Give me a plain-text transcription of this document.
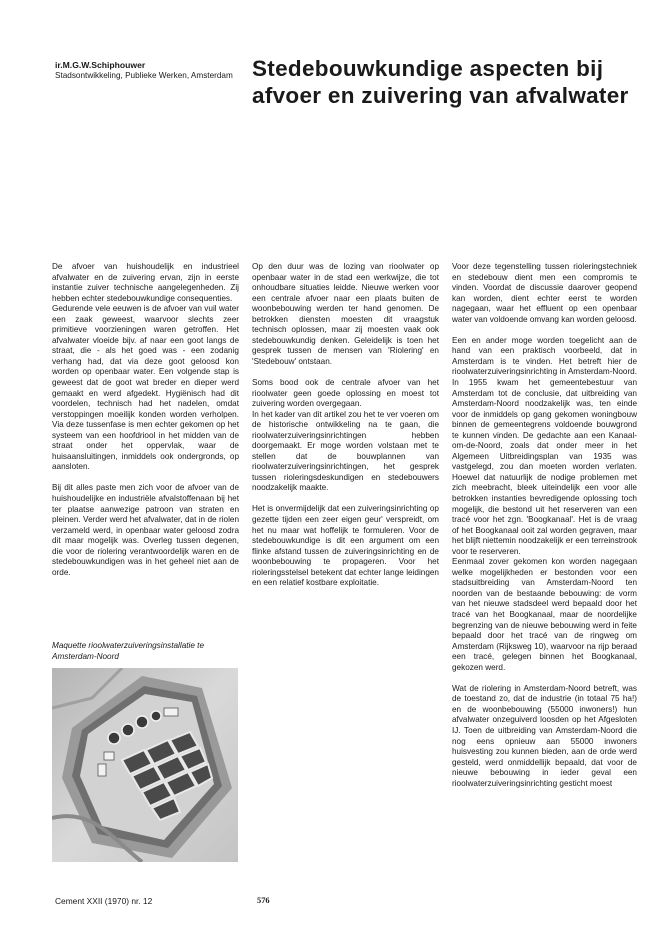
ir.M.G.W.Schiphouwer
Stadsontwikkeling, Publieke Werken, Amsterdam Stedebouwkundige aspecten bij afvoer en zuivering van afvalwater

De afvoer van huishoudelijk en industrieel afvalwater en de zuivering ervan, zijn in eerste instantie zuiver technische aangelegenheden. Zij hebben echter stedebouwkundige consequenties.

Gedurende vele eeuwen is de afvoer van vuil water een zaak geweest, waarvoor slechts zeer primitieve voorzieningen waren getroffen. Het afvalwater vloeide bijv. af naar een goot langs de straat, die - als het goed was - een zodanig verhang had, dat via deze goot geloosd kon worden op openbaar water. Een volgende stap is geweest dat de goot wat breder en dieper werd gemaakt en werd afgedekt. Hygiënisch had dit voordelen, technisch had het nadelen, omdat verstoppingen moeilijk konden worden verholpen. Via deze tussenfase is men echter gekomen op het systeem van een hoofdriool in het midden van de straat onder het oppervlak, waar de huisaansluitingen, inmiddels ook ondergronds, op aansloten.

Bij dit alles paste men zich voor de afvoer van de huishoudelijke en industriële afvalstoffenaan bij het ter plaatse aanwezige patroon van straten en pleinen. Verder werd het afvalwater, dat in de riolen verzameld werd, in openbaar water geloosd zodra dit maar mogelijk was. Overleg tussen degenen, die voor de riolering verantwoordelijk waren en de stedebouwkundigen was in het geheel niet aan de orde.

Op den duur was de lozing van rioolwater op openbaar water in de stad een werkwijze, die tot onhoudbare situaties leidde. Nieuwe werken voor een centrale afvoer naar een plaats buiten de woonbebouwing werden ter hand genomen. De betrokken diensten moesten dit vraagstuk technisch oplossen, maar zij moesten vaak ook stedebouwkundig denken. Geleidelijk is toen het gesprek tussen de mensen van 'Riolering' en 'Stedebouw' ontstaan.

Soms bood ook de centrale afvoer van het rioolwater geen goede oplossing en moest tot zuivering worden overgegaan.

In het kader van dit artikel zou het te ver voeren om de historische ontwikkeling na te gaan, die rioolwaterzuiveringsinrichtingen hebben doorgemaakt. Er moge worden volstaan met te stellen dat de bouwplannen van rioolwaterzuiveringsinrichtingen, het gesprek tussen rioleringsdeskundigen en stedebouwers noodzakelijk maakte.

Het is onvermijdelijk dat een zuiveringsinrichting op gezette tijden een zeer eigen geur' verspreidt, om het nu maar wat hoffelijk te formuleren. Voor de stedebouwkundige is dit een argument om een flinke afstand tussen de zuiveringsinrichting en de woonbebouwing te propageren. Voor het rioleringsstelsel betekent dat echter lange leidingen en een relatief kostbare exploitatie.

Voor deze tegenstelling tussen rioleringstechniek en stedebouw dient men een compromis te vinden. Voordat de discussie daarover geopend kan worden, dient echter eerst te worden nagegaan, waar het effluent op een openbaar water van voldoende omvang kan worden geloosd.

Een en ander moge worden toegelicht aan de hand van een praktisch voorbeeld, dat in Amsterdam is te vinden. Het betreft hier de rioolwaterzuiveringsinrichting in Amsterdam-Noord. In 1955 kwam het gemeentebestuur van Amsterdam tot de conclusie, dat uitbreiding van Amsterdam-Noord noodzakelijk was, ten einde voor de inmiddels op gang gekomen woningbouw binnen de gemeentegrens voldoende bouwgrond te kunnen vinden. De gedachte aan een Kanaal-om-de-Noord, zoals dat onder meer in het Algemeen Uitbreidingsplan van 1935 was vastgelegd, zou dan moeten worden verlaten. Hoewel dat natuurlijk de nodige problemen met zich meebracht, bleek uiteindelijk een voor alle betrokken instanties bevredigende oplossing toch mogelijk, die bestond uit het reserveren van een tracé voor het zgn. 'Boogkanaal'. Het is de vraag of het Boogkanaal ooit zal worden gegraven, maar het blijft niettemin noodzakelijk er een terreinstrook voor te reserveren.

Eenmaal zover gekomen kon worden nagegaan welke mogelijkheden er bestonden voor een stadsuitbreiding van Amsterdam-Noord ten noorden van de bestaande bebouwing: de vorm van het nieuwe stadsdeel werd bepaald door het tracé van het Boogkanaal, maar de noordelijke begrenzing van de nieuwe bebouwing werd in feite bepaald door het tracé van de ringweg om Amsterdam (Rijksweg 10), waarvoor na rijp beraad een tracé, gelegen binnen het Boogkanaal, gekozen werd.

Wat de riolering in Amsterdam-Noord betreft, was de toestand zo, dat de industrie (in totaal 75 ha!) en de woonbebouwing (55000 inwoners!) hun afvalwater onzeguiverd loosden op het Afgesloten IJ. Toen de uitbreiding van Amsterdam-Noord die nog eens opnieuw aan 55000 inwoners huisvesting zou kunnen bieden, aan de orde werd gesteld, werd onmiddellijk bepaald, dat voor de nieuwe bebouwing in ieder geval een rioolwaterzuiveringsinrichting gesticht moest

Maquette rioolwaterzuiveringsinstallatie te Amsterdam-Noord
Cement XXII (1970) nr. 12	576
